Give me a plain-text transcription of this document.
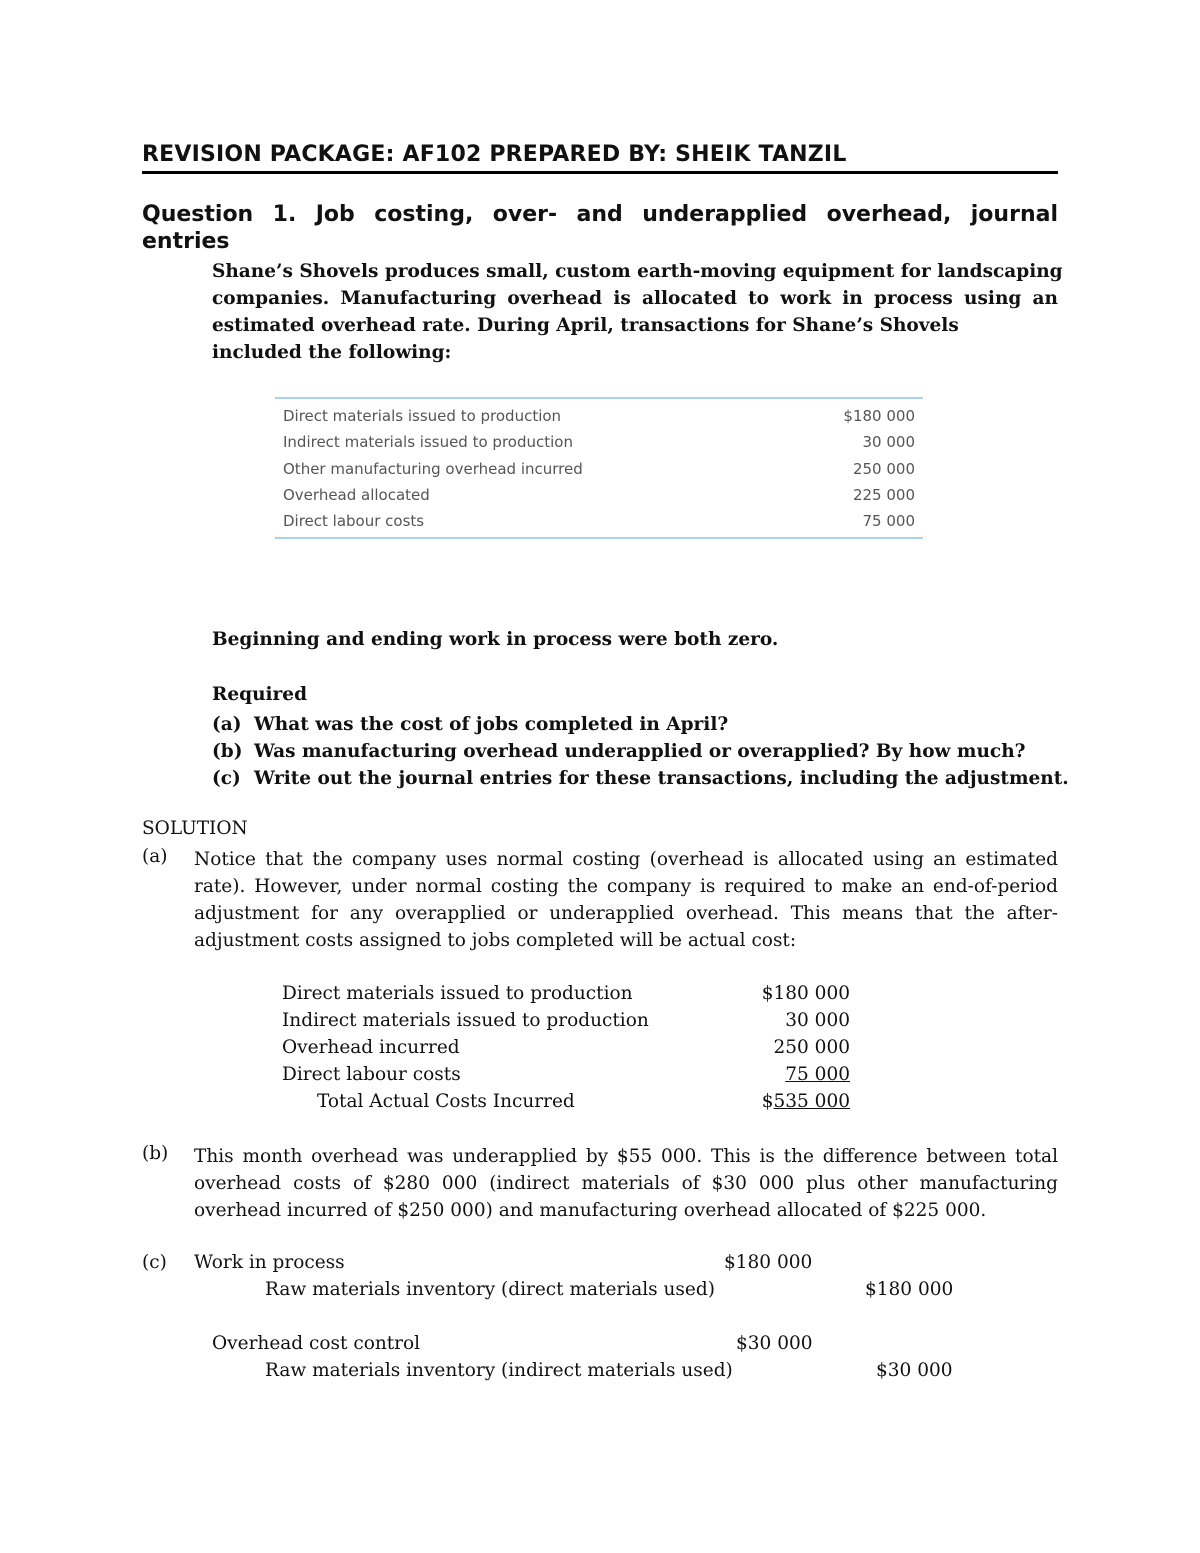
REVISION PACKAGE: AF102 PREPARED BY: SHEIK TANZIL
Question 1. Job costing, over- and underapplied overhead, journal entries
Shane’s Shovels produces small, custom earth-moving equipment for landscaping
companies. Manufacturing overhead is allocated to work in process using an
estimated overhead rate. During April, transactions for Shane’s Shovels
included the following:
Direct materials issued to production	$180 000
Indirect materials issued to production	30 000
Other manufacturing overhead incurred	250 000
Overhead allocated	225 000
Direct labour costs	75 000
Beginning and ending work in process were both zero.
Required
(a) What was the cost of jobs completed in April?
(b) Was manufacturing overhead underapplied or overapplied? By how much?
(c) Write out the journal entries for these transactions, including the adjustment.
SOLUTION
(a) Notice that the company uses normal costing (overhead is allocated using an estimated
rate). However, under normal costing the company is required to make an end-of-period
adjustment for any overapplied or underapplied overhead. This means that the after-
adjustment costs assigned to jobs completed will be actual cost:
Direct materials issued to production	$180 000
Indirect materials issued to production	30 000
Overhead incurred	250 000
Direct labour costs	75 000
Total Actual Costs Incurred	$535 000
(b) This month overhead was underapplied by $55 000. This is the difference between total
overhead costs of $280 000 (indirect materials of $30 000 plus other manufacturing
overhead incurred of $250 000) and manufacturing overhead allocated of $225 000.
(c) Work in process	$180 000
Raw materials inventory (direct materials used)	$180 000
Overhead cost control	$30 000
Raw materials inventory (indirect materials used)	$30 000
